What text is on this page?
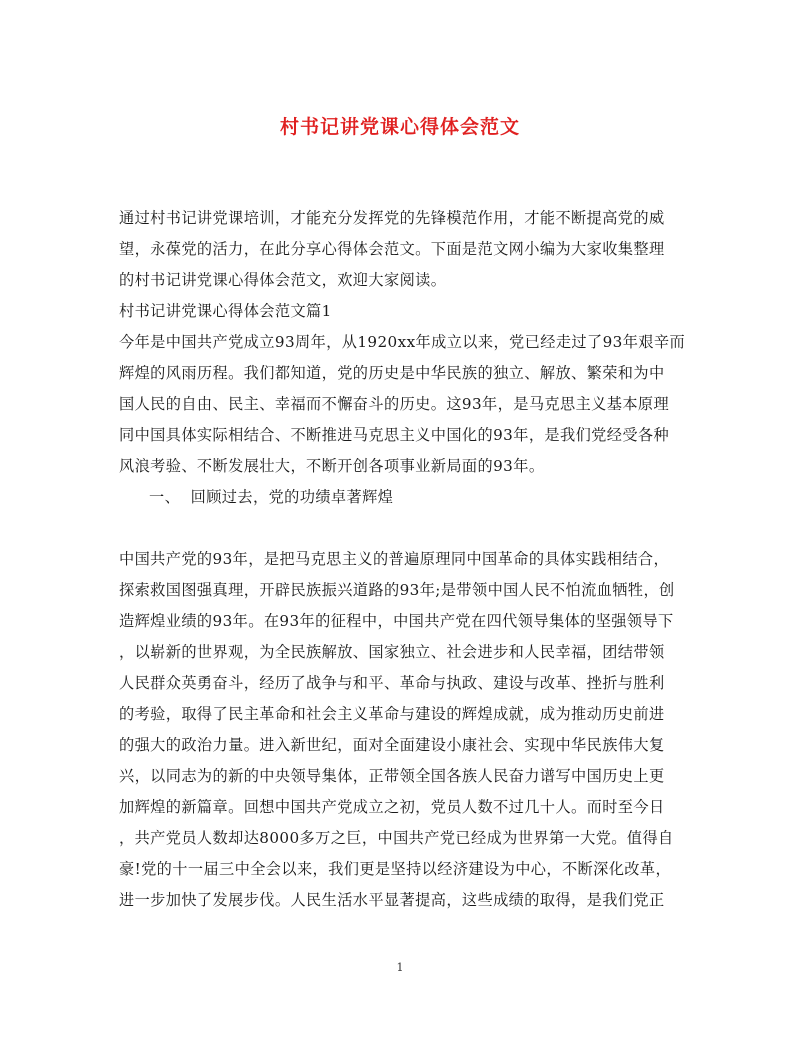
村书记讲党课心得体会范文
通过村书记讲党课培训，才能充分发挥党的先锋模范作用，才能不断提高党的威
望，永葆党的活力，在此分享心得体会范文。下面是范文网小编为大家收集整理
的村书记讲党课心得体会范文，欢迎大家阅读。
村书记讲党课心得体会范文篇1
今年是中国共产党成立93周年，从1920xx年成立以来，党已经走过了93年艰辛而
辉煌的风雨历程。我们都知道，党的历史是中华民族的独立、解放、繁荣和为中
国人民的自由、民主、幸福而不懈奋斗的历史。这93年，是马克思主义基本原理
同中国具体实际相结合、不断推进马克思主义中国化的93年，是我们党经受各种
风浪考验、不断发展壮大，不断开创各项事业新局面的93年。
一、  回顾过去，党的功绩卓著辉煌
中国共产党的93年，是把马克思主义的普遍原理同中国革命的具体实践相结合，
探索救国图强真理，开辟民族振兴道路的93年;是带领中国人民不怕流血牺牲，创
造辉煌业绩的93年。在93年的征程中，中国共产党在四代领导集体的坚强领导下
，以崭新的世界观，为全民族解放、国家独立、社会进步和人民幸福，团结带领
人民群众英勇奋斗，经历了战争与和平、革命与执政、建设与改革、挫折与胜利
的考验，取得了民主革命和社会主义革命与建设的辉煌成就，成为推动历史前进
的强大的政治力量。进入新世纪，面对全面建设小康社会、实现中华民族伟大复
兴，以同志为的新的中央领导集体，正带领全国各族人民奋力谱写中国历史上更
加辉煌的新篇章。回想中国共产党成立之初，党员人数不过几十人。而时至今日
，共产党员人数却达8000多万之巨，中国共产党已经成为世界第一大党。值得自
豪!党的十一届三中全会以来，我们更是坚持以经济建设为中心，不断深化改革，
进一步加快了发展步伐。人民生活水平显著提高，这些成绩的取得，是我们党正
1
